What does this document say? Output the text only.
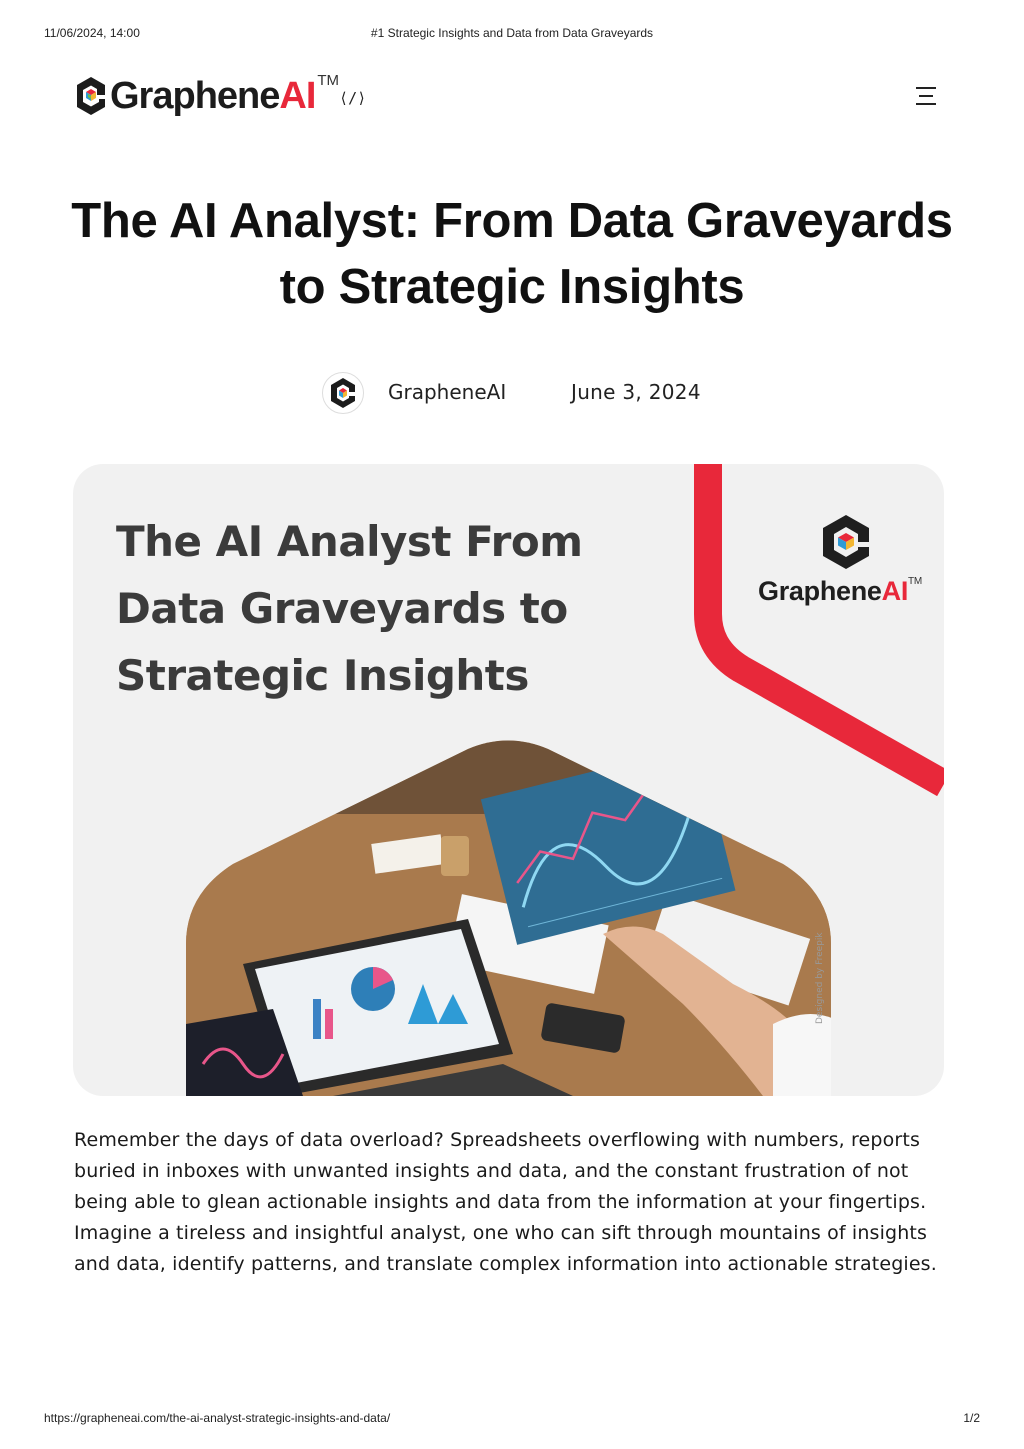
11/06/2024, 14:00	#1 Strategic Insights and Data from Data Graveyards
GrapheneAI TM
⟨/⟩
The AI Analyst: From Data Graveyards to Strategic Insights
GrapheneAI	June 3, 2024
The AI Analyst From Data Graveyards to Strategic Insights
GrapheneAI™
Designed by Freepik

Remember the days of data overload? Spreadsheets overflowing with numbers, reports buried in inboxes with unwanted insights and data, and the constant frustration of not being able to glean actionable insights and data from the information at your fingertips. Imagine a tireless and insightful analyst, one who can sift through mountains of insights and data, identify patterns, and translate complex information into actionable strategies.

https://grapheneai.com/the-ai-analyst-strategic-insights-and-data/	1/2
